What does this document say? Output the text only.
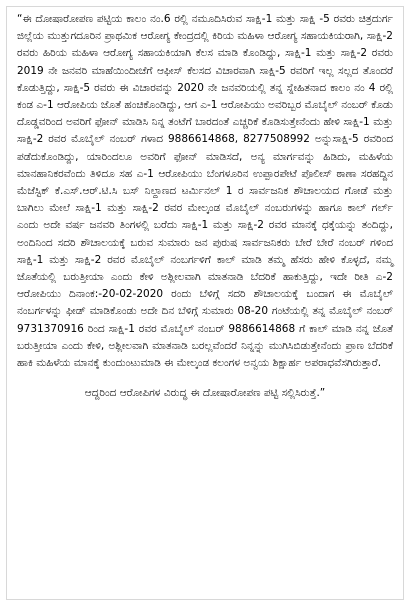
“ಈ ದೋಷಾರೋಪಣ ಪಟ್ಟಿಯ ಕಾಲಂ ನಂ.6 ರಲ್ಲಿ ನಮೂದಿಸಿರುವ ಸಾಕ್ಷಿ-1 ಮತ್ತು ಸಾಕ್ಷಿ -5 ರವರು ಚಿತ್ರದುರ್ಗ ಜಿಲ್ಲೆಯ ಮುತ್ತುಗದೂರಿನ ಪ್ರಾಥಮಿಕ ಆರೋಗ್ಯ ಕೇಂದ್ರದಲ್ಲಿ ಕಿರಿಯ ಮಹಿಳಾ ಆರೋಗ್ಯ ಸಹಾಯಕಿಯರಾಗಿ, ಸಾಕ್ಷಿ-2 ರವರು ಹಿರಿಯ ಮಹಿಳಾ ಆರೋಗ್ಯ ಸಹಾಯಕಿಯಾಗಿ ಕೆಲಸ ಮಾಡಿ ಕೊಂಡಿದ್ದು, ಸಾಕ್ಷಿ-1 ಮತ್ತು ಸಾಕ್ಷಿ-2 ರವರು 2019 ನೇ ಜನವರಿ ಮಾಹೆಯಿಂದೀಚೆಗೆ ಆಫೀಸ್ ಕೆಲಸದ ವಿಚಾರವಾಗಿ ಸಾಕ್ಷಿ-5 ರವರಿಗೆ ಇಲ್ಲ ಸಲ್ಲದ ತೊಂದರೆ ಕೊಡುತ್ತಿದ್ದು, ಸಾಕ್ಷಿ-5 ರವರು ಈ ವಿಚಾರವನ್ನು 2020 ನೇ ಜನವರಿಯಲ್ಲಿ ತನ್ನ ಸ್ನೇಹಿತನಾದ ಕಾಲಂ ನಂ 4 ರಲ್ಲಿ ಕಂಡ ಎ-1 ಆರೋಪಿಯ ಜೊತೆ ಹಂಚಿಕೊಂಡಿದ್ದು, ಆಗ ಎ-1 ಆರೋಪಿಯು ಅವರಿಬ್ಬರ ಮೊಬೈಲ್ ನಂಬರ್ ಕೊಡು ದೊಡ್ಡವರಿಂದ ಅವರಿಗೆ ಫೋನ್ ಮಾಡಿಸಿ ನಿನ್ನ ತಂಟೆಗೆ ಬಾರದಂತೆ ಎಚ್ಚರಿಕೆ ಕೊಡಿಸುತ್ತೇನೆಂದು ಹೇಳಿ ಸಾಕ್ಷಿ-1 ಮತ್ತು ಸಾಕ್ಷಿ-2 ರವರ ಮೊಬೈಲ್ ನಂಬರ್ ಗಳಾದ 9886614868, 8277508992 ಅನ್ನುಸಾಕ್ಷಿ-5 ರವರಿಂದ ಪಡೆದುಕೊಂಡಿದ್ದು, ಯಾರಿಂದಲೂ ಅವರಿಗೆ ಫೋನ್ ಮಾಡಿಸದೆ, ಅನ್ಯ ಮಾರ್ಗವನ್ನು ಹಿಡಿದು, ಮಹಿಳೆಯ ಮಾನಹಾನಿಕರವೆಂದು ತಿಳಿದೂ ಸಹ ಎ-1 ಆರೋಪಿಯು ಬೆಂಗಳೂರಿನ ಉಪ್ಪಾರಪೇಟೆ ಪೊಲೀಸ್ ಠಾಣಾ ಸರಹದ್ದಿನ ಮೆಜೆಸ್ಟಿಕ್ ಕೆ.ಎಸ್.ಆರ್.ಟಿ.ಸಿ ಬಸ್ ನಿಲ್ದಾಣದ ಟರ್ಮಿನಲ್ 1 ರ ಸಾರ್ವಜನಿಕ ಶೌಚಾಲಯದ ಗೋಡೆ ಮತ್ತು ಬಾಗಿಲು ಮೇಲೆ ಸಾಕ್ಷಿ-1 ಮತ್ತು ಸಾಕ್ಷಿ-2 ರವರ ಮೇಲ್ಕಂಡ ಮೊಬೈಲ್ ನಂಬರುಗಳನ್ನು ಹಾಗೂ ಕಾಲ್ ಗರ್ಲ್ ಎಂದು ಅದೇ ವರ್ಷ ಜನವರಿ ತಿಂಗಳಲ್ಲಿ ಬರೆದು ಸಾಕ್ಷಿ-1 ಮತ್ತು ಸಾಕ್ಷಿ-2 ರವರ ಮಾನಕ್ಕೆ ಧಕ್ಕೆಯನ್ನು ತಂದಿದ್ದು, ಅಂದಿನಿಂದ ಸದರಿ ಶೌಚಾಲಯಕ್ಕೆ ಬರುವ ಸುಮಾರು ಜನ ಪುರುಷ ಸಾರ್ವಜನಿಕರು ಬೇರೆ ಬೇರೆ ನಂಬರ್ ಗಳಿಂದ ಸಾಕ್ಷಿ-1 ಮತ್ತು ಸಾಕ್ಷಿ-2 ರವರ ಮೊಬೈಲ್ ನಂಬರ್ಗಳಿಗೆ ಕಾಲ್ ಮಾಡಿ ತಮ್ಮ ಹೆಸರು ಹೇಳಿ ಕೊಳ್ಳದೆ, ನಮ್ಮ ಜೊತೆಯಲ್ಲಿ ಬರುತ್ತೀಯಾ ಎಂದು ಕೇಳಿ ಅಶ್ಲೀಲವಾಗಿ ಮಾತನಾಡಿ ಬೆದರಿಕೆ ಹಾಕುತ್ತಿದ್ದು, ಇದೇ ರೀತಿ ಎ-2 ಆರೋಪಿಯು ದಿನಾಂಕ:-20-02-2020 ರಂದು ಬೆಳಿಗ್ಗೆ ಸದರಿ ಶೌಚಾಲಯಕ್ಕೆ ಬಂದಾಗ ಈ ಮೊಬೈಲ್ ನಂಬರ್ಗಳನ್ನು ಫೀಡ್ ಮಾಡಿಕೊಂಡು ಅದೇ ದಿನ ಬೆಳಿಗ್ಗೆ ಸುಮಾರು 08-20 ಗಂಟೆಯಲ್ಲಿ ತನ್ನ ಮೊಬೈಲ್ ನಂಬರ್ 9731370916 ರಿಂದ ಸಾಕ್ಷಿ-1 ರವರ ಮೊಬೈಲ್ ನಂಬರ್ 9886614868 ಗೆ ಕಾಲ್ ಮಾಡಿ ನನ್ನ ಜೊತೆ ಬರುತ್ತೀಯಾ ಎಂದು ಕೇಳಿ, ಅಶ್ಲೀಲವಾಗಿ ಮಾತನಾಡಿ ಬರಲ್ಲವೆಂದರೆ ನಿನ್ನನ್ನು ಮುಗಿಸಿಬಿಡುತ್ತೇನೆಂದು ಪ್ರಾಣ ಬೆದರಿಕೆ ಹಾಕಿ ಮಹಿಳೆಯ ಮಾನಕ್ಕೆ ಕುಂದುಂಟುಮಾಡಿ ಈ ಮೇಲ್ಕಂಡ ಕಲಂಗಳ ಅನ್ವಯ ಶಿಕ್ಷಾರ್ಹ ಅಪರಾಧವೆಸಗಿರುತ್ತಾರೆ.

ಆದ್ದರಿಂದ ಆರೋಪಿಗಳ ವಿರುದ್ಧ ಈ ದೋಷಾರೋಪಣ ಪಟ್ಟಿ ಸಲ್ಲಿಸಿರುತ್ತೆ.”
